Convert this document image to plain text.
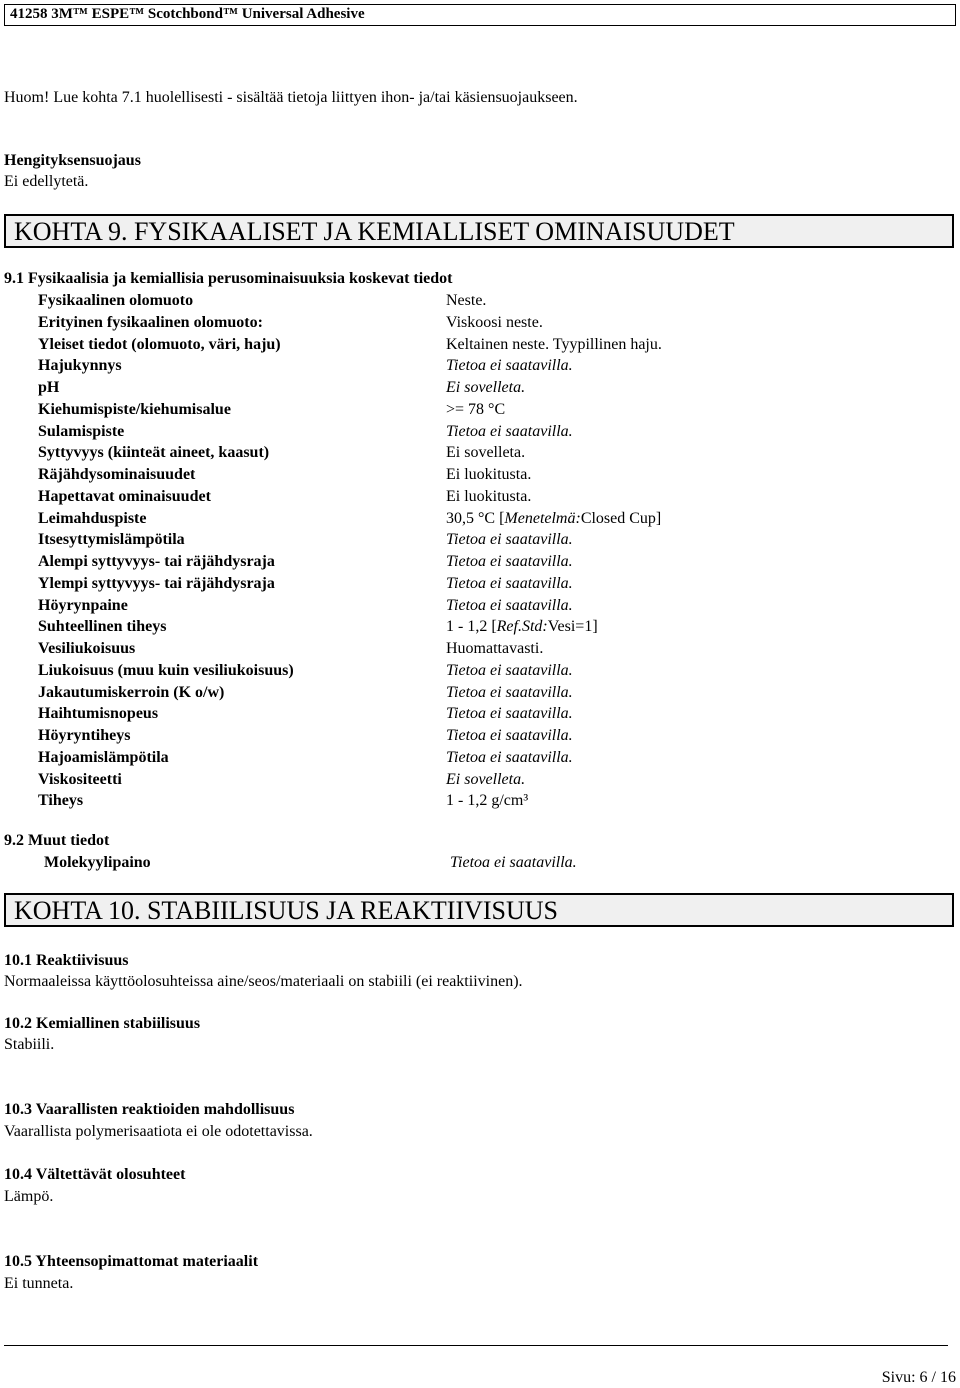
41258 3M™ ESPE™ Scotchbond™ Universal Adhesive
Huom! Lue kohta 7.1 huolellisesti - sisältää tietoja liittyen ihon- ja/tai käsiensuojaukseen.
Hengityksensuojaus
Ei edellytetä.
KOHTA 9. FYSIKAALISET JA KEMIALLISET OMINAISUUDET
9.1 Fysikaalisia ja kemiallisia perusominaisuuksia koskevat tiedot
Fysikaalinen olomuoto	Neste.
Erityinen fysikaalinen olomuoto:	Viskoosi neste.
Yleiset tiedot (olomuoto, väri, haju)	Keltainen neste. Tyypillinen haju.
Hajukynnys	Tietoa ei saatavilla.
pH	Ei sovelleta.
Kiehumispiste/kiehumisalue	>= 78 °C
Sulamispiste	Tietoa ei saatavilla.
Syttyvyys (kiinteät aineet, kaasut)	Ei sovelleta.
Räjähdysominaisuudet	Ei luokitusta.
Hapettavat ominaisuudet	Ei luokitusta.
Leimahduspiste	30,5 °C [Menetelmä:Closed Cup]
Itsesyttymislämpötila	Tietoa ei saatavilla.
Alempi syttyvyys- tai räjähdysraja	Tietoa ei saatavilla.
Ylempi syttyvyys- tai räjähdysraja	Tietoa ei saatavilla.
Höyrynpaine	Tietoa ei saatavilla.
Suhteellinen tiheys	1 - 1,2 [Ref.Std:Vesi=1]
Vesiliukoisuus	Huomattavasti.
Liukoisuus (muu kuin vesiliukoisuus)	Tietoa ei saatavilla.
Jakautumiskerroin (K o/w)	Tietoa ei saatavilla.
Haihtumisnopeus	Tietoa ei saatavilla.
Höyryntiheys	Tietoa ei saatavilla.
Hajoamislämpötila	Tietoa ei saatavilla.
Viskositeetti	Ei sovelleta.
Tiheys	1 - 1,2 g/cm³
9.2 Muut tiedot
Molekyylipaino	Tietoa ei saatavilla.
KOHTA 10. STABIILISUUS JA REAKTIIVISUUS
10.1 Reaktiivisuus
Normaaleissa käyttöolosuhteissa aine/seos/materiaali on stabiili (ei reaktiivinen).
10.2 Kemiallinen stabiilisuus
Stabiili.
10.3 Vaarallisten reaktioiden mahdollisuus
Vaarallista polymerisaatiota ei ole odotettavissa.
10.4 Vältettävät olosuhteet
Lämpö.
10.5 Yhteensopimattomat materiaalit
Ei tunneta.
Sivu: 6 / 16
